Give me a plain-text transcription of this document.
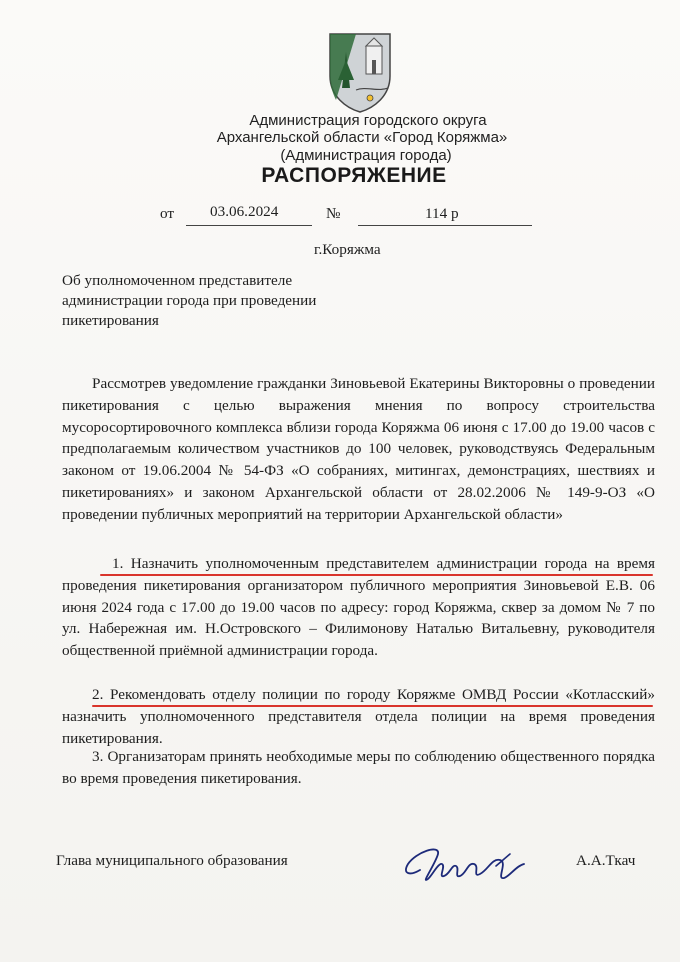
Администрация городского округа
Архангельской области «Город Коряжма»
(Администрация города)
РАСПОРЯЖЕНИЕ
от 03.06.2024	№	114 р
г.Коряжма
Об уполномоченном представителе администрации города при проведении пикетирования
Рассмотрев уведомление гражданки Зиновьевой Екатерины Викторовны о проведении пикетирования с целью выражения мнения по вопросу строительства мусоросортировочного комплекса вблизи города Коряжма 06 июня с 17.00 до 19.00 часов с предполагаемым количеством участников до 100 человек, руководствуясь Федеральным законом от 19.06.2004 № 54-ФЗ «О собраниях, митингах, демонстрациях, шествиях и пикетированиях» и законом Архангельской области от 28.02.2006 № 149-9-ОЗ «О проведении публичных мероприятий на территории Архангельской области»
1. Назначить уполномоченным представителем администрации города на время проведения пикетирования организатором публичного мероприятия Зиновьевой Е.В. 06 июня 2024 года с 17.00 до 19.00 часов по адресу: город Коряжма, сквер за домом № 7 по ул. Набережная им. Н.Островского – Филимонову Наталью Витальевну, руководителя общественной приёмной администрации города.
2. Рекомендовать отделу полиции по городу Коряжме ОМВД России «Котласский» назначить уполномоченного представителя отдела полиции на время проведения пикетирования.
3. Организаторам принять необходимые меры по соблюдению общественного порядка во время проведения пикетирования.
Глава муниципального образования	А.А.Ткач
